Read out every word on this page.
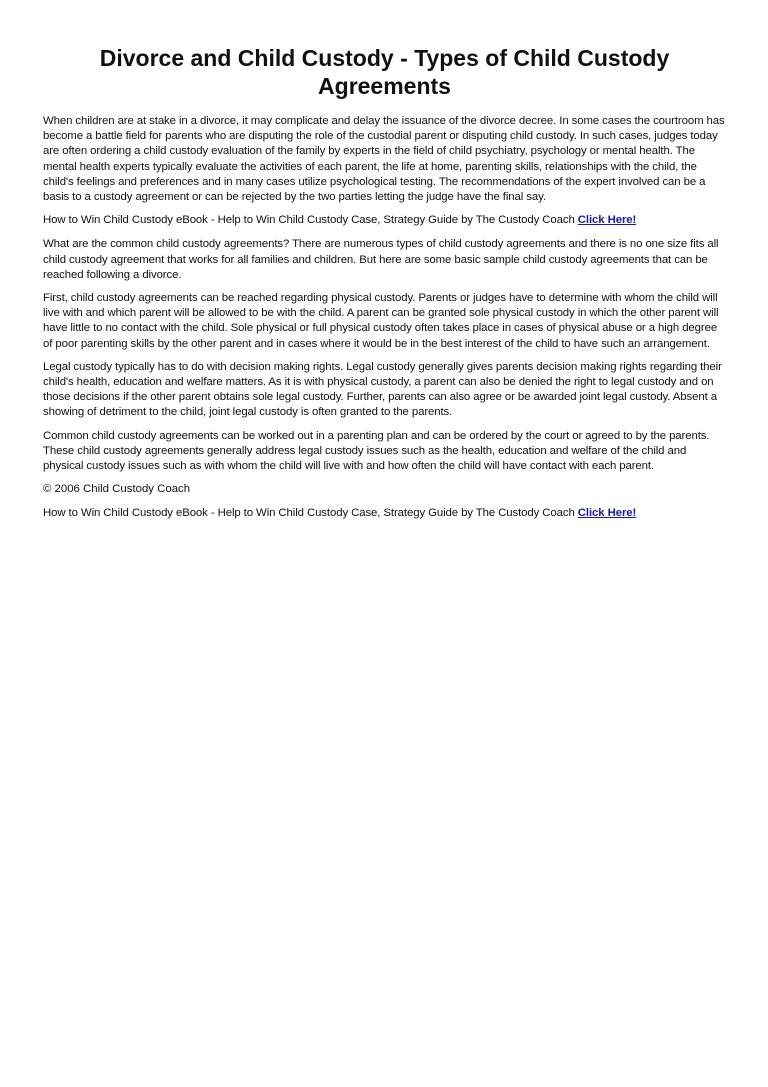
Divorce and Child Custody - Types of Child Custody Agreements

When children are at stake in a divorce, it may complicate and delay the issuance of the divorce decree. In some cases the courtroom has become a battle field for parents who are disputing the role of the custodial parent or disputing child custody. In such cases, judges today are often ordering a child custody evaluation of the family by experts in the field of child psychiatry, psychology or mental health. The mental health experts typically evaluate the activities of each parent, the life at home, parenting skills, relationships with the child, the child's feelings and preferences and in many cases utilize psychological testing. The recommendations of the expert involved can be a basis to a custody agreement or can be rejected by the two parties letting the judge have the final say.

How to Win Child Custody eBook - Help to Win Child Custody Case, Strategy Guide by The Custody Coach Click Here!

What are the common child custody agreements? There are numerous types of child custody agreements and there is no one size fits all child custody agreement that works for all families and children. But here are some basic sample child custody agreements that can be reached following a divorce.

First, child custody agreements can be reached regarding physical custody. Parents or judges have to determine with whom the child will live with and which parent will be allowed to be with the child. A parent can be granted sole physical custody in which the other parent will have little to no contact with the child. Sole physical or full physical custody often takes place in cases of physical abuse or a high degree of poor parenting skills by the other parent and in cases where it would be in the best interest of the child to have such an arrangement.

Legal custody typically has to do with decision making rights. Legal custody generally gives parents decision making rights regarding their child's health, education and welfare matters. As it is with physical custody, a parent can also be denied the right to legal custody and on those decisions if the other parent obtains sole legal custody. Further, parents can also agree or be awarded joint legal custody. Absent a showing of detriment to the child, joint legal custody is often granted to the parents.

Common child custody agreements can be worked out in a parenting plan and can be ordered by the court or agreed to by the parents. These child custody agreements generally address legal custody issues such as the health, education and welfare of the child and physical custody issues such as with whom the child will live with and how often the child will have contact with each parent.

© 2006 Child Custody Coach

How to Win Child Custody eBook - Help to Win Child Custody Case, Strategy Guide by The Custody Coach Click Here!
